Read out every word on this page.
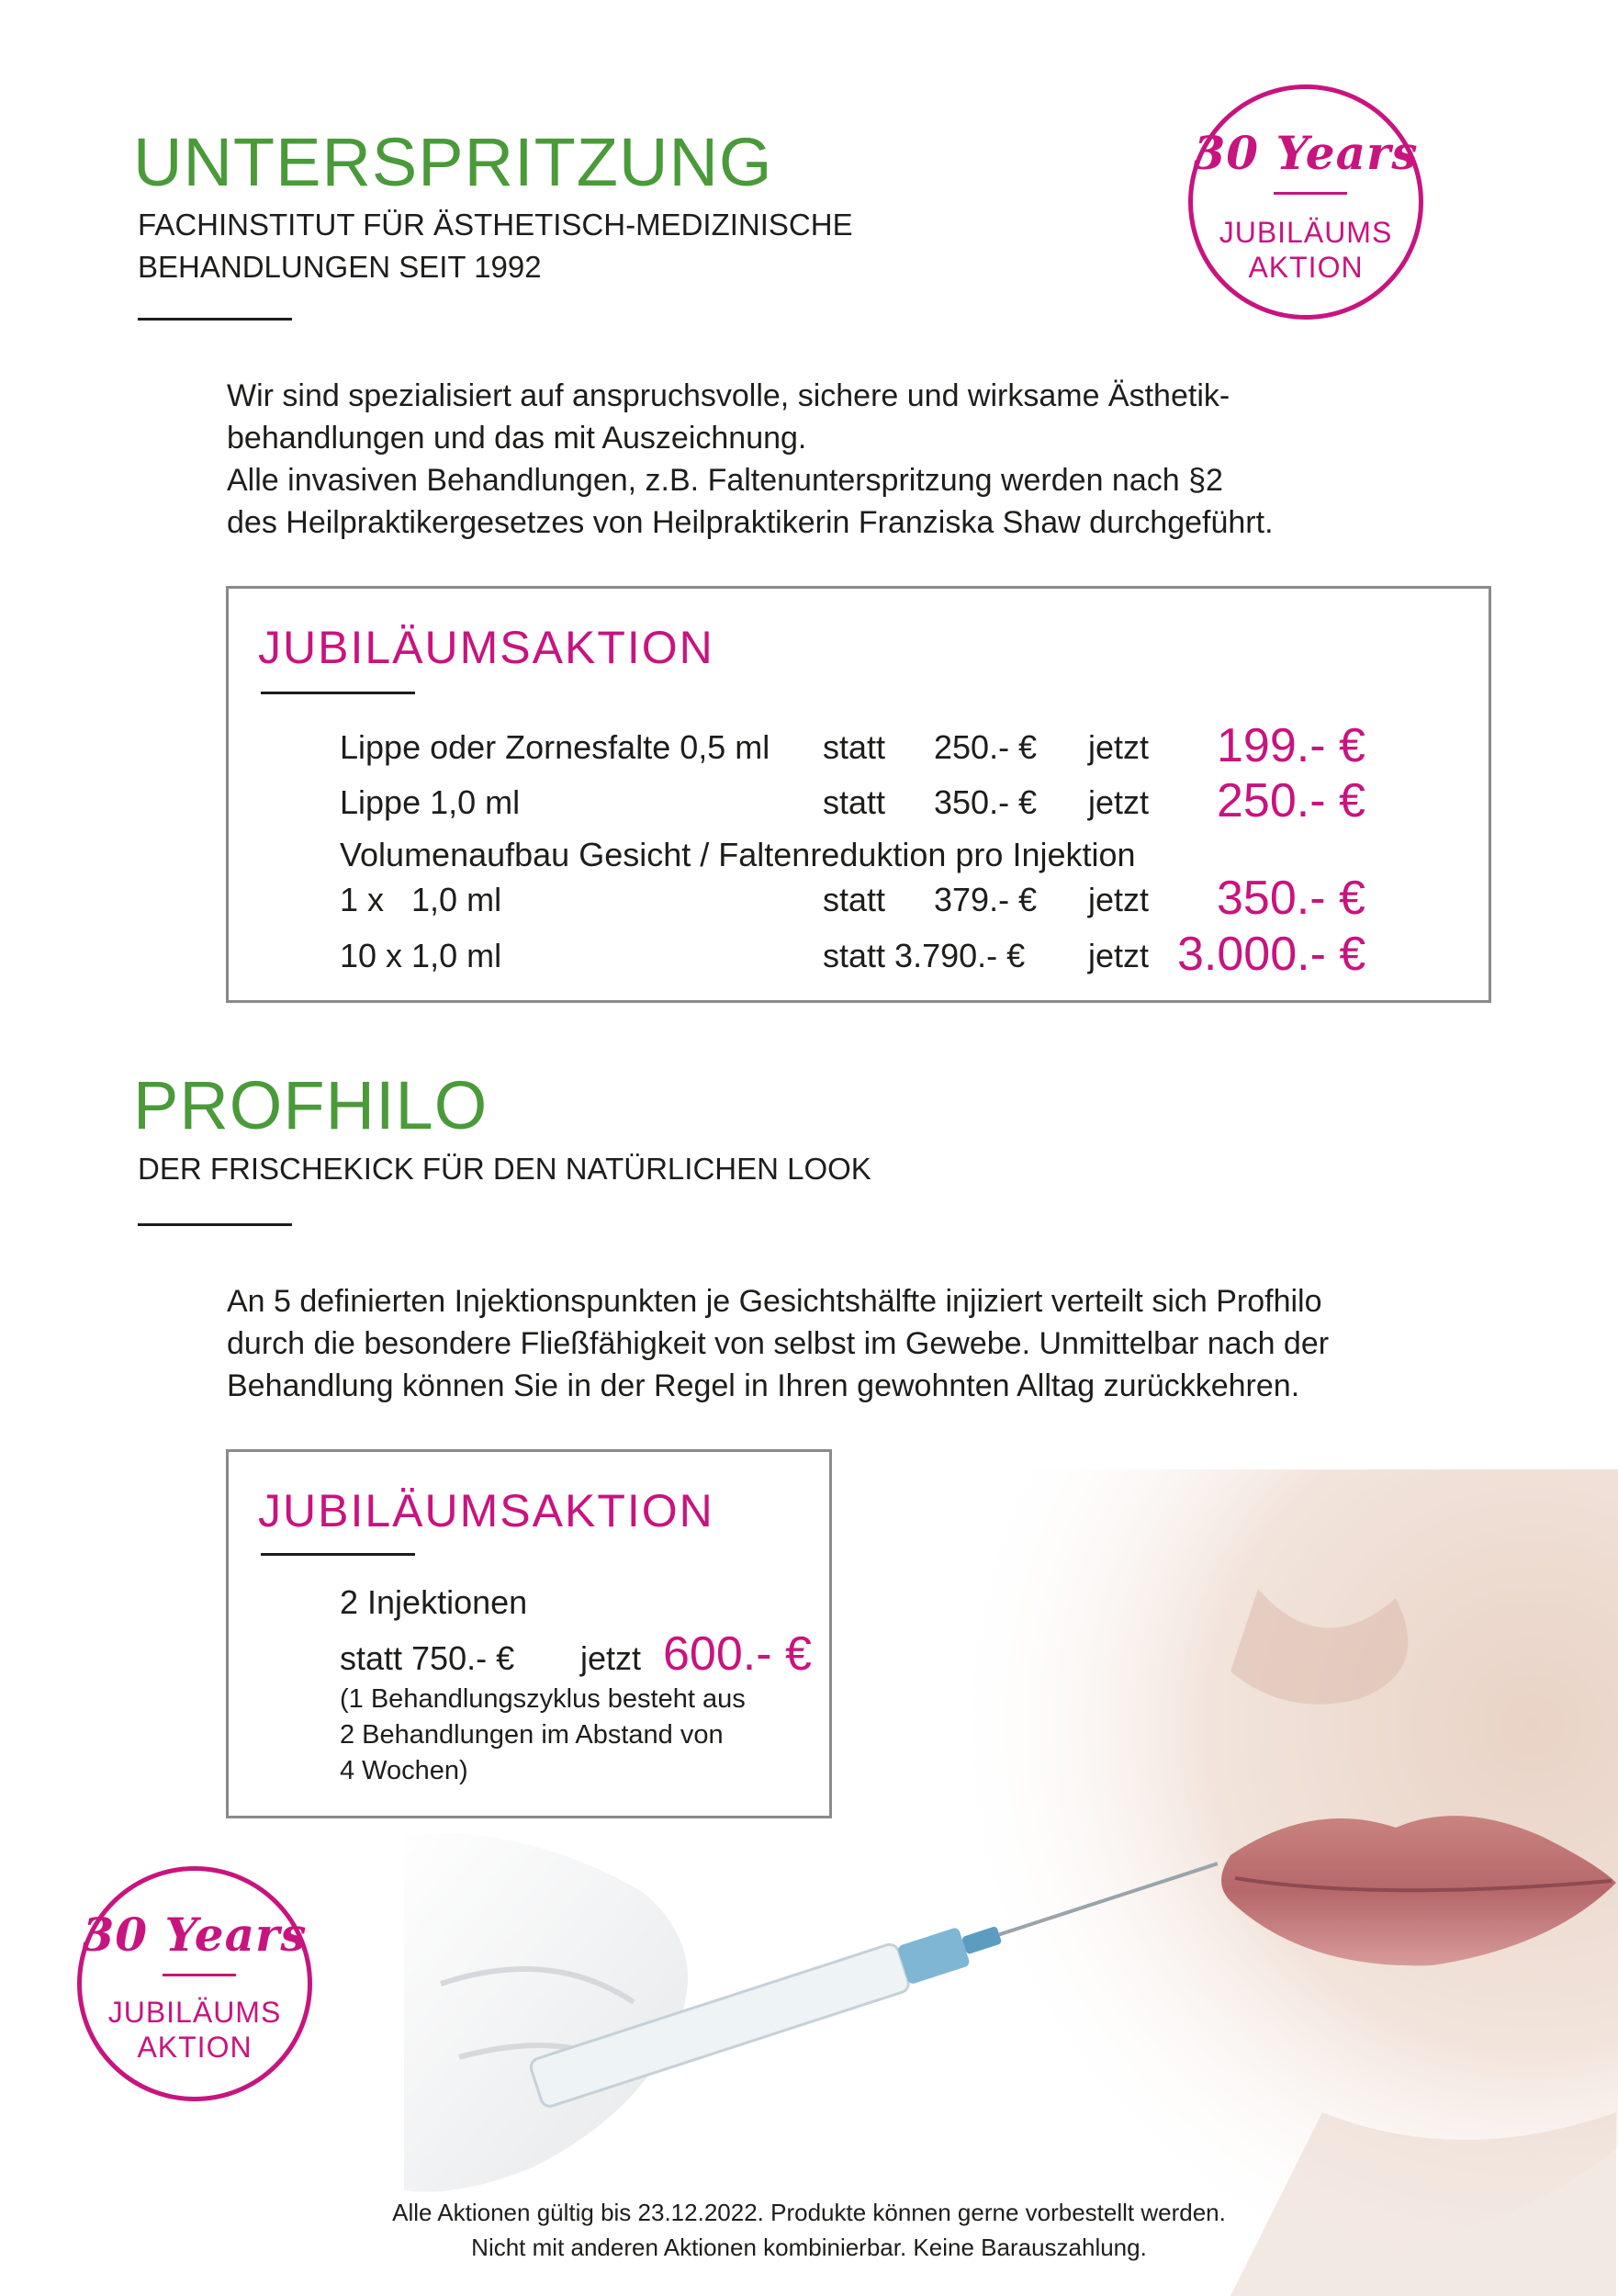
UNTERSPRITZUNG
FACHINSTITUT FÜR ÄSTHETISCH-MEDIZINISCHE
BEHANDLUNGEN SEIT 1992
30 Years
JUBILÄUMS
AKTION
Wir sind spezialisiert auf anspruchsvolle, sichere und wirksame Ästhetik-
behandlungen und das mit Auszeichnung.
Alle invasiven Behandlungen, z.B. Faltenunterspritzung werden nach §2
des Heilpraktikergesetzes von Heilpraktikerin Franziska Shaw durchgeführt.
JUBILÄUMSAKTION
Lippe oder Zornesfalte 0,5 ml statt 250.- € jetzt 199.- €
Lippe 1,0 ml	statt 350.- € jetzt 250.- €
Volumenaufbau Gesicht / Faltenreduktion pro Injektion
1 x   1,0 ml	statt 379.- € jetzt 350.- €
10 x 1,0 ml	statt 3.790.- € jetzt 3.000.- €
PROFHILO
DER FRISCHEKICK FÜR DEN NATÜRLICHEN LOOK
An 5 definierten Injektionspunkten je Gesichtshälfte injiziert verteilt sich Profhilo
durch die besondere Fließfähigkeit von selbst im Gewebe. Unmittelbar nach der
Behandlung können Sie in der Regel in Ihren gewohnten Alltag zurückkehren.
JUBILÄUMSAKTION
2 Injektionen
statt 750.- € jetzt 600.- €
(1 Behandlungszyklus besteht aus
2 Behandlungen im Abstand von
4 Wochen)
30 Years
JUBILÄUMS
AKTION
Alle Aktionen gültig bis 23.12.2022. Produkte können gerne vorbestellt werden.
Nicht mit anderen Aktionen kombinierbar. Keine Barauszahlung.
